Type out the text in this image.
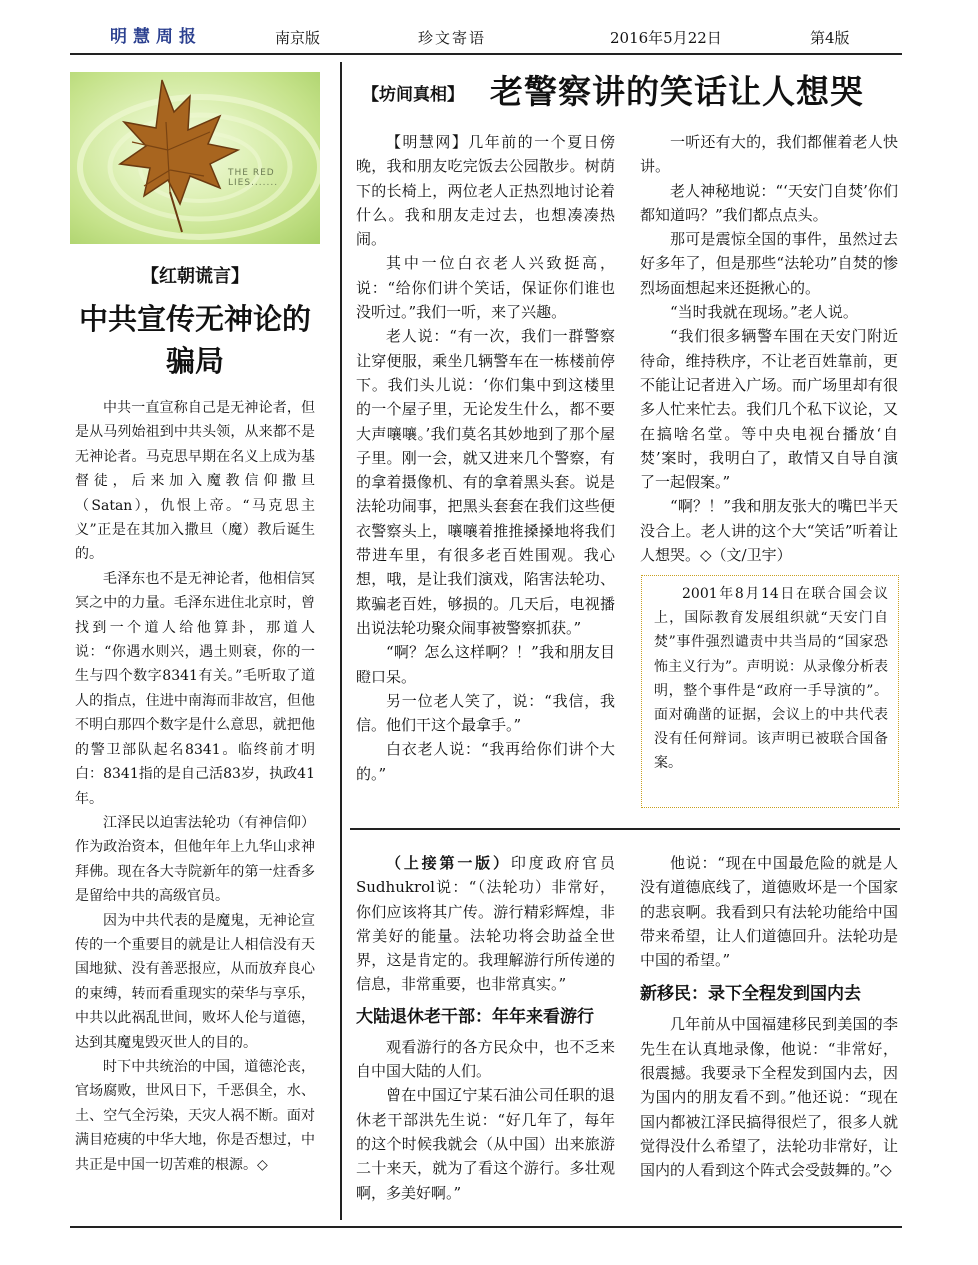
明慧周报	南京版	珍文寄语	2016年5月22日	第4版
THE RED LIES.......
【红朝谎言】
中共宣传无神论的
骗局

中共一直宣称自己是无神论者，但是从马列始祖到中共头领，从来都不是无神论者。马克思早期在名义上成为基督徒，后来加入魔教信仰撒旦（Satan），仇恨上帝。“马克思主义”正是在其加入撒旦（魔）教后诞生的。

毛泽东也不是无神论者，他相信冥冥之中的力量。毛泽东进住北京时，曾找到一个道人给他算卦，那道人说：“你遇水则兴，遇土则衰，你的一生与四个数字8341有关。”毛听取了道人的指点，住进中南海而非故宫，但他不明白那四个数字是什么意思，就把他的警卫部队起名8341。临终前才明白：8341指的是自己活83岁，执政41年。

江泽民以迫害法轮功（有神信仰）作为政治资本，但他年年上九华山求神拜佛。现在各大寺院新年的第一炷香多是留给中共的高级官员。

因为中共代表的是魔鬼，无神论宣传的一个重要目的就是让人相信没有天国地狱、没有善恶报应，从而放弃良心的束缚，转而看重现实的荣华与享乐，中共以此祸乱世间，败坏人伦与道德，达到其魔鬼毁灭世人的目的。

时下中共统治的中国，道德沦丧，官场腐败，世风日下，千恶俱全，水、土、空气全污染，天灾人祸不断。面对满目疮痍的中华大地，你是否想过，中共正是中国一切苦难的根源。◇

【坊间真相】 老警察讲的笑话让人想哭

【明慧网】几年前的一个夏日傍晚，我和朋友吃完饭去公园散步。树荫下的长椅上，两位老人正热烈地讨论着什么。我和朋友走过去，也想凑凑热闹。

其中一位白衣老人兴致挺高，说：“给你们讲个笑话，保证你们谁也没听过。”我们一听，来了兴趣。

老人说：“有一次，我们一群警察让穿便服，乘坐几辆警车在一栋楼前停下。我们头儿说：‘你们集中到这楼里的一个屋子里，无论发生什么，都不要大声嚷嚷。’我们莫名其妙地到了那个屋子里。刚一会，就又进来几个警察，有的拿着摄像机、有的拿着黑头套。说是法轮功闹事，把黑头套套在我们这些便衣警察头上，嚷嚷着推推搡搡地将我们带进车里，有很多老百姓围观。我心想，哦，是让我们演戏，陷害法轮功、欺骗老百姓，够损的。几天后，电视播出说法轮功聚众闹事被警察抓获。”

“啊？怎么这样啊？！”我和朋友目瞪口呆。

另一位老人笑了，说：“我信，我信。他们干这个最拿手。”

白衣老人说：“我再给你们讲个大的。”

一听还有大的，我们都催着老人快讲。

老人神秘地说：“‘天安门自焚’你们都知道吗？”我们都点点头。

那可是震惊全国的事件，虽然过去好多年了，但是那些“法轮功”自焚的惨烈场面想起来还挺揪心的。

“当时我就在现场。”老人说。

“我们很多辆警车围在天安门附近待命，维持秩序，不让老百姓靠前，更不能让记者进入广场。而广场里却有很多人忙来忙去。我们几个私下议论，又在搞啥名堂。等中央电视台播放‘自焚’案时，我明白了，敢情又自导自演了一起假案。”

“啊？！”我和朋友张大的嘴巴半天没合上。老人讲的这个大“笑话”听着让人想哭。◇（文/卫宇）

2001年8月14日在联合国会议上，国际教育发展组织就“天安门自焚”事件强烈谴责中共当局的“国家恐怖主义行为”。声明说：从录像分析表明，整个事件是“政府一手导演的”。面对确凿的证据，会议上的中共代表没有任何辩词。该声明已被联合国备案。

（上接第一版）印度政府官员Sudhukrol说：“（法轮功）非常好，你们应该将其广传。游行精彩辉煌，非常美好的能量。法轮功将会助益全世界，这是肯定的。我理解游行所传递的信息，非常重要，也非常真实。”

大陆退休老干部：年年来看游行

观看游行的各方民众中，也不乏来自中国大陆的人们。

曾在中国辽宁某石油公司任职的退休老干部洪先生说：“好几年了，每年的这个时候我就会（从中国）出来旅游二十来天，就为了看这个游行。多壮观啊，多美好啊。”

他说：“现在中国最危险的就是人没有道德底线了，道德败坏是一个国家的悲哀啊。我看到只有法轮功能给中国带来希望，让人们道德回升。法轮功是中国的希望。”

新移民：录下全程发到国内去

几年前从中国福建移民到美国的李先生在认真地录像，他说：“非常好，很震撼。我要录下全程发到国内去，因为国内的朋友看不到。”他还说：“现在国内都被江泽民搞得很烂了，很多人就觉得没什么希望了，法轮功非常好，让国内的人看到这个阵式会受鼓舞的。”◇
